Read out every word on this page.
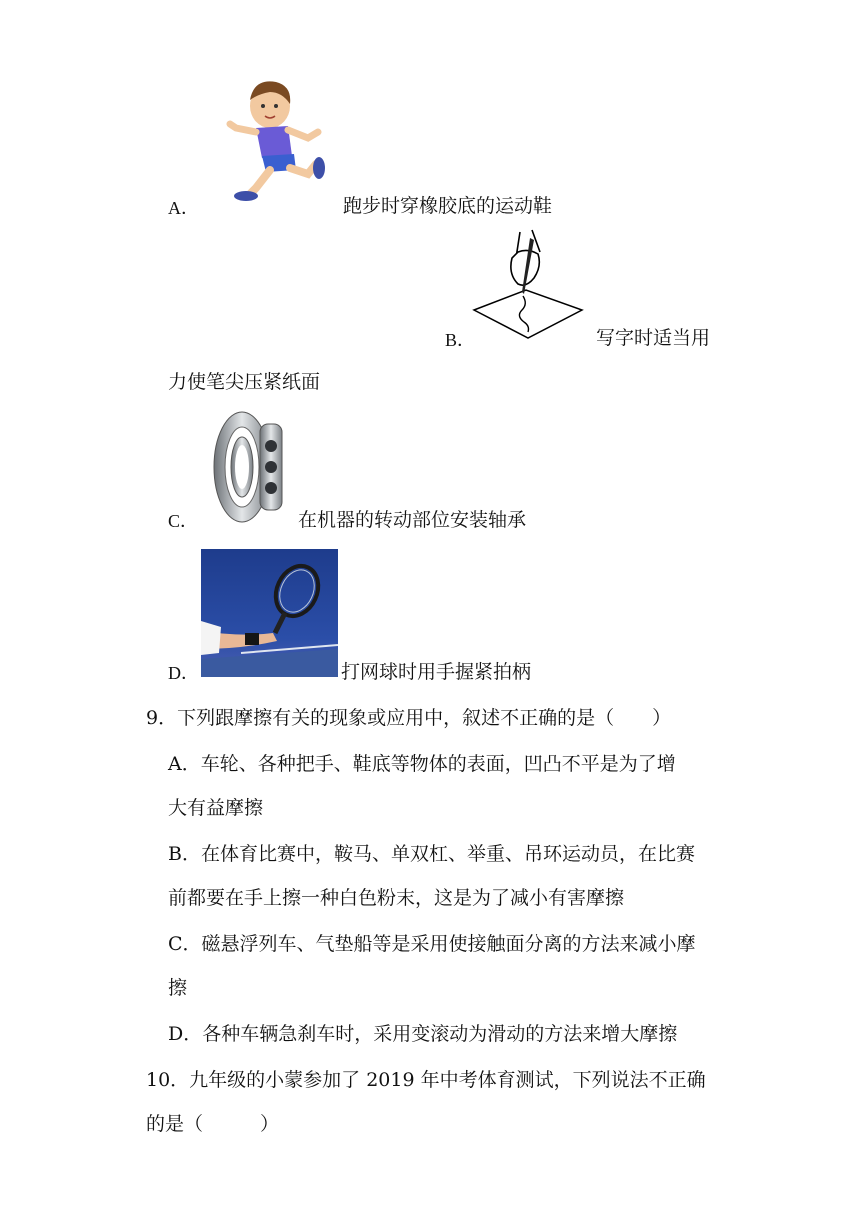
A．	跑步时穿橡胶底的运动鞋
B．	写字时适当用
力使笔尖压紧纸面
C．	在机器的转动部位安装轴承
D．	打网球时用手握紧拍柄
9．下列跟摩擦有关的现象或应用中，叙述不正确的是（　　）
A．车轮、各种把手、鞋底等物体的表面，凹凸不平是为了增
大有益摩擦
B．在体育比赛中，鞍马、单双杠、举重、吊环运动员，在比赛
前都要在手上擦一种白色粉末，这是为了减小有害摩擦
C．磁悬浮列车、气垫船等是采用使接触面分离的方法来减小摩
擦
D．各种车辆急刹车时，采用变滚动为滑动的方法来增大摩擦
10．九年级的小蒙参加了 2019 年中考体育测试，下列说法不正确
的是（　　　）
